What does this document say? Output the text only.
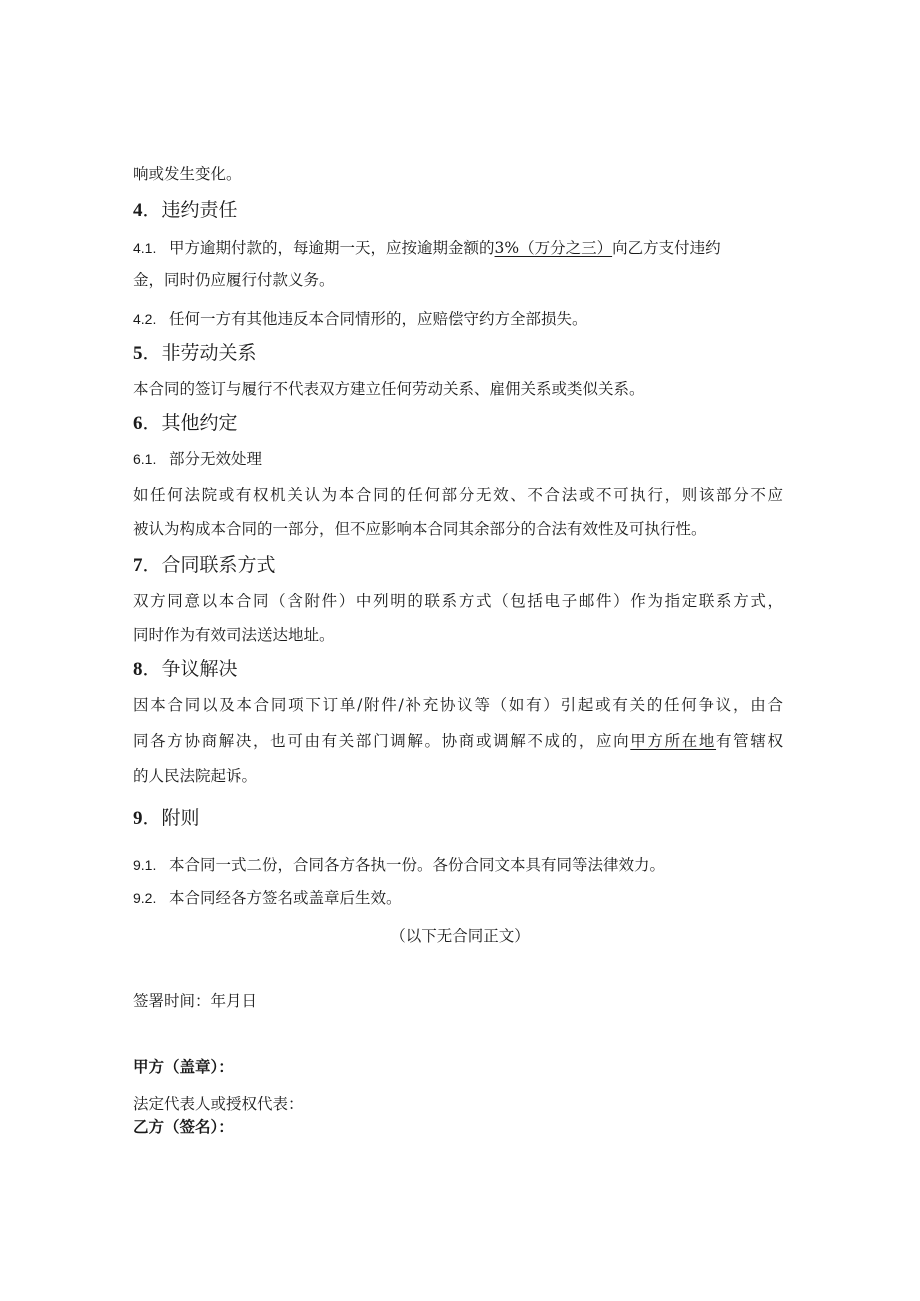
响或发生变化。
4．违约责任
4.1. 甲方逾期付款的，每逾期一天，应按逾期金额的3%（万分之三）向乙方支付违约
金，同时仍应履行付款义务。
4.2. 任何一方有其他违反本合同情形的，应赔偿守约方全部损失。
5．非劳动关系
本合同的签订与履行不代表双方建立任何劳动关系、雇佣关系或类似关系。
6．其他约定
6.1. 部分无效处理
如任何法院或有权机关认为本合同的任何部分无效、不合法或不可执行，则该部分不应
被认为构成本合同的一部分，但不应影响本合同其余部分的合法有效性及可执行性。
7．合同联系方式
双方同意以本合同（含附件）中列明的联系方式（包括电子邮件）作为指定联系方式，
同时作为有效司法送达地址。
8．争议解决
因本合同以及本合同项下订单/附件/补充协议等（如有）引起或有关的任何争议，由合
同各方协商解决，也可由有关部门调解。协商或调解不成的，应向甲方所在地有管辖权
的人民法院起诉。
9．附则
9.1. 本合同一式二份，合同各方各执一份。各份合同文本具有同等法律效力。
9.2. 本合同经各方签名或盖章后生效。
（以下无合同正文）
签署时间：年月日
甲方（盖章）：
法定代表人或授权代表：
乙方（签名）：
